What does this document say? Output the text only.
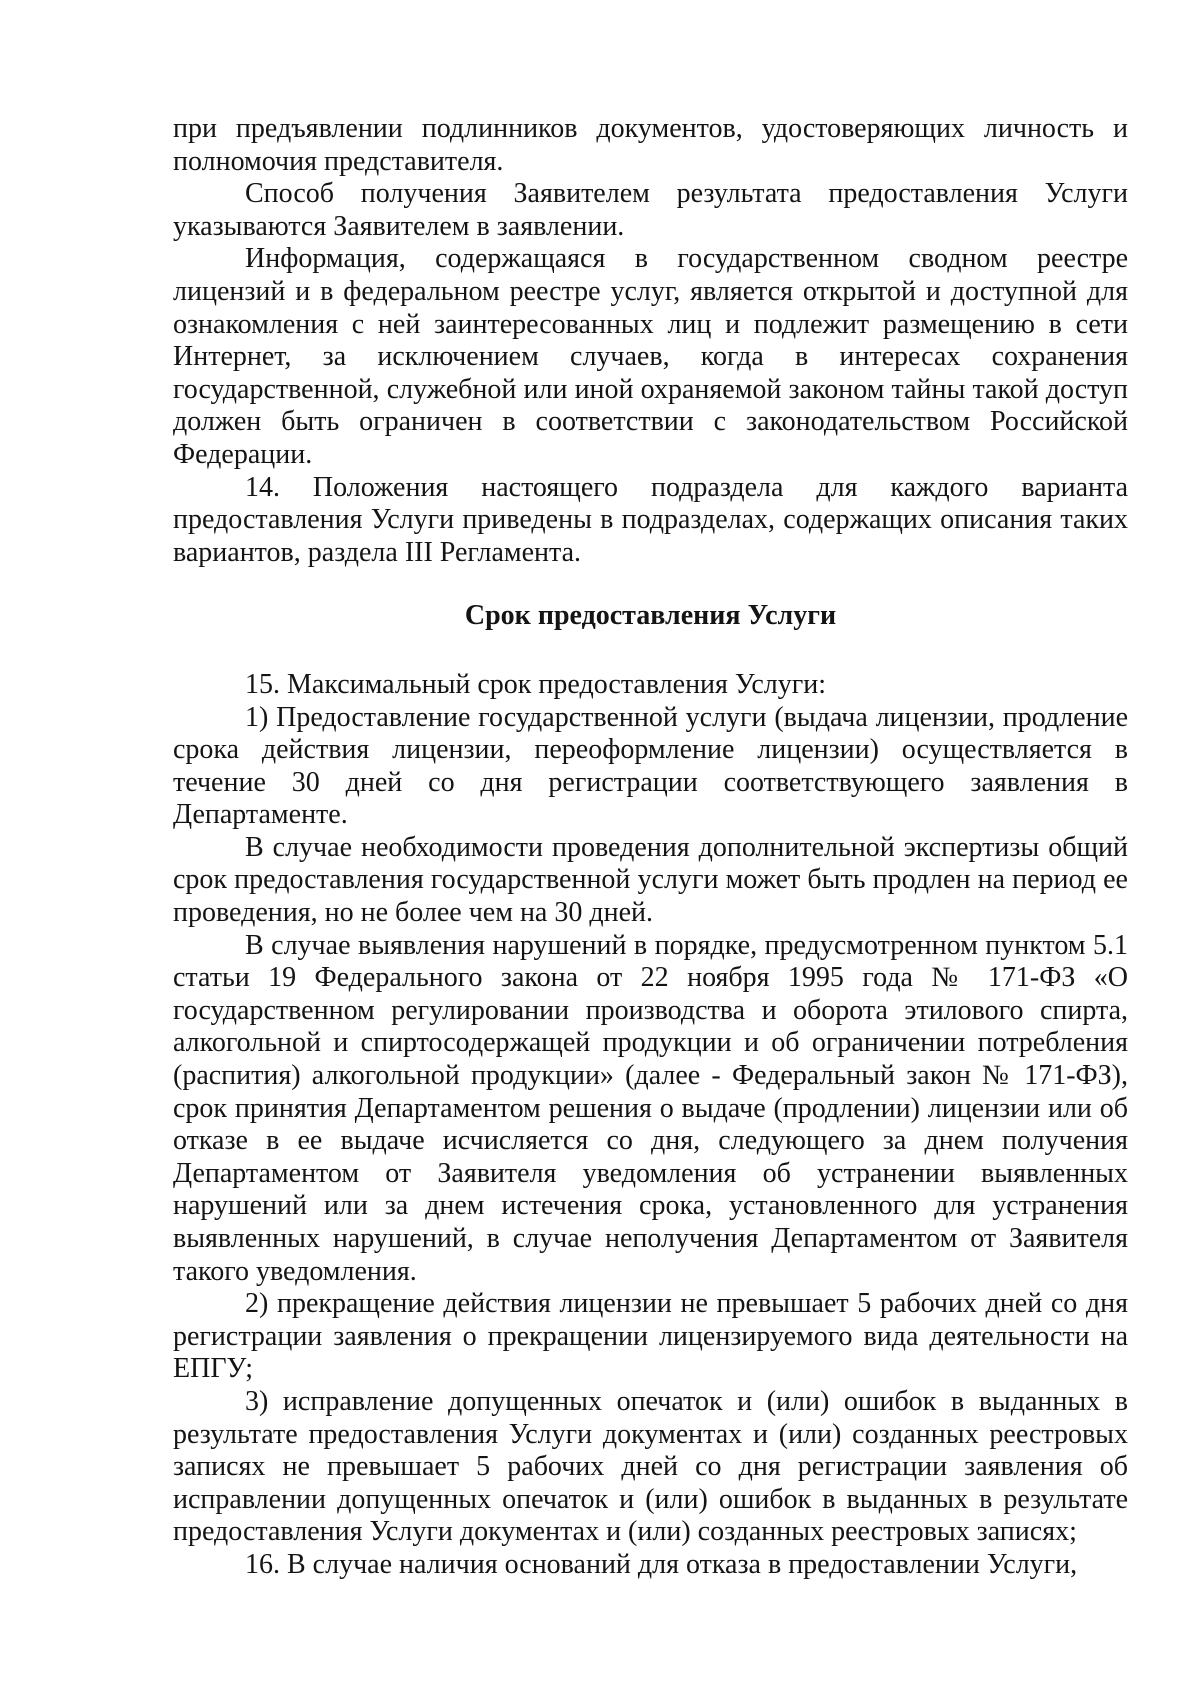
при предъявлении подлинников документов, удостоверяющих личность и полномочия представителя.

Способ получения Заявителем результата предоставления Услуги указываются Заявителем в заявлении.

Информация, содержащаяся в государственном сводном реестре лицензий и в федеральном реестре услуг, является открытой и доступной для ознакомления с ней заинтересованных лиц и подлежит размещению в сети Интернет, за исключением случаев, когда в интересах сохранения государственной, служебной или иной охраняемой законом тайны такой доступ должен быть ограничен в соответствии с законодательством Российской Федерации.

14. Положения настоящего подраздела для каждого варианта предоставления Услуги приведены в подразделах, содержащих описания таких вариантов, раздела III Регламента.

Срок предоставления Услуги

15. Максимальный срок предоставления Услуги:

1) Предоставление государственной услуги (выдача лицензии, продление срока действия лицензии, переоформление лицензии) осуществляется в течение 30 дней со дня регистрации соответствующего заявления в Департаменте.

В случае необходимости проведения дополнительной экспертизы общий срок предоставления государственной услуги может быть продлен на период ее проведения, но не более чем на 30 дней.

В случае выявления нарушений в порядке, предусмотренном пунктом 5.1 статьи 19 Федерального закона от 22 ноября 1995 года № 171-ФЗ «О государственном регулировании производства и оборота этилового спирта, алкогольной и спиртосодержащей продукции и об ограничении потребления (распития) алкогольной продукции» (далее - Федеральный закон № 171-ФЗ), срок принятия Департаментом решения о выдаче (продлении) лицензии или об отказе в ее выдаче исчисляется со дня, следующего за днем получения Департаментом от Заявителя уведомления об устранении выявленных нарушений или за днем истечения срока, установленного для устранения выявленных нарушений, в случае неполучения Департаментом от Заявителя такого уведомления.

2) прекращение действия лицензии не превышает 5 рабочих дней со дня регистрации заявления о прекращении лицензируемого вида деятельности на ЕПГУ;

3) исправление допущенных опечаток и (или) ошибок в выданных в результате предоставления Услуги документах и (или) созданных реестровых записях не превышает 5 рабочих дней со дня регистрации заявления об исправлении допущенных опечаток и (или) ошибок в выданных в результате предоставления Услуги документах и (или) созданных реестровых записях;

16. В случае наличия оснований для отказа в предоставлении Услуги,
